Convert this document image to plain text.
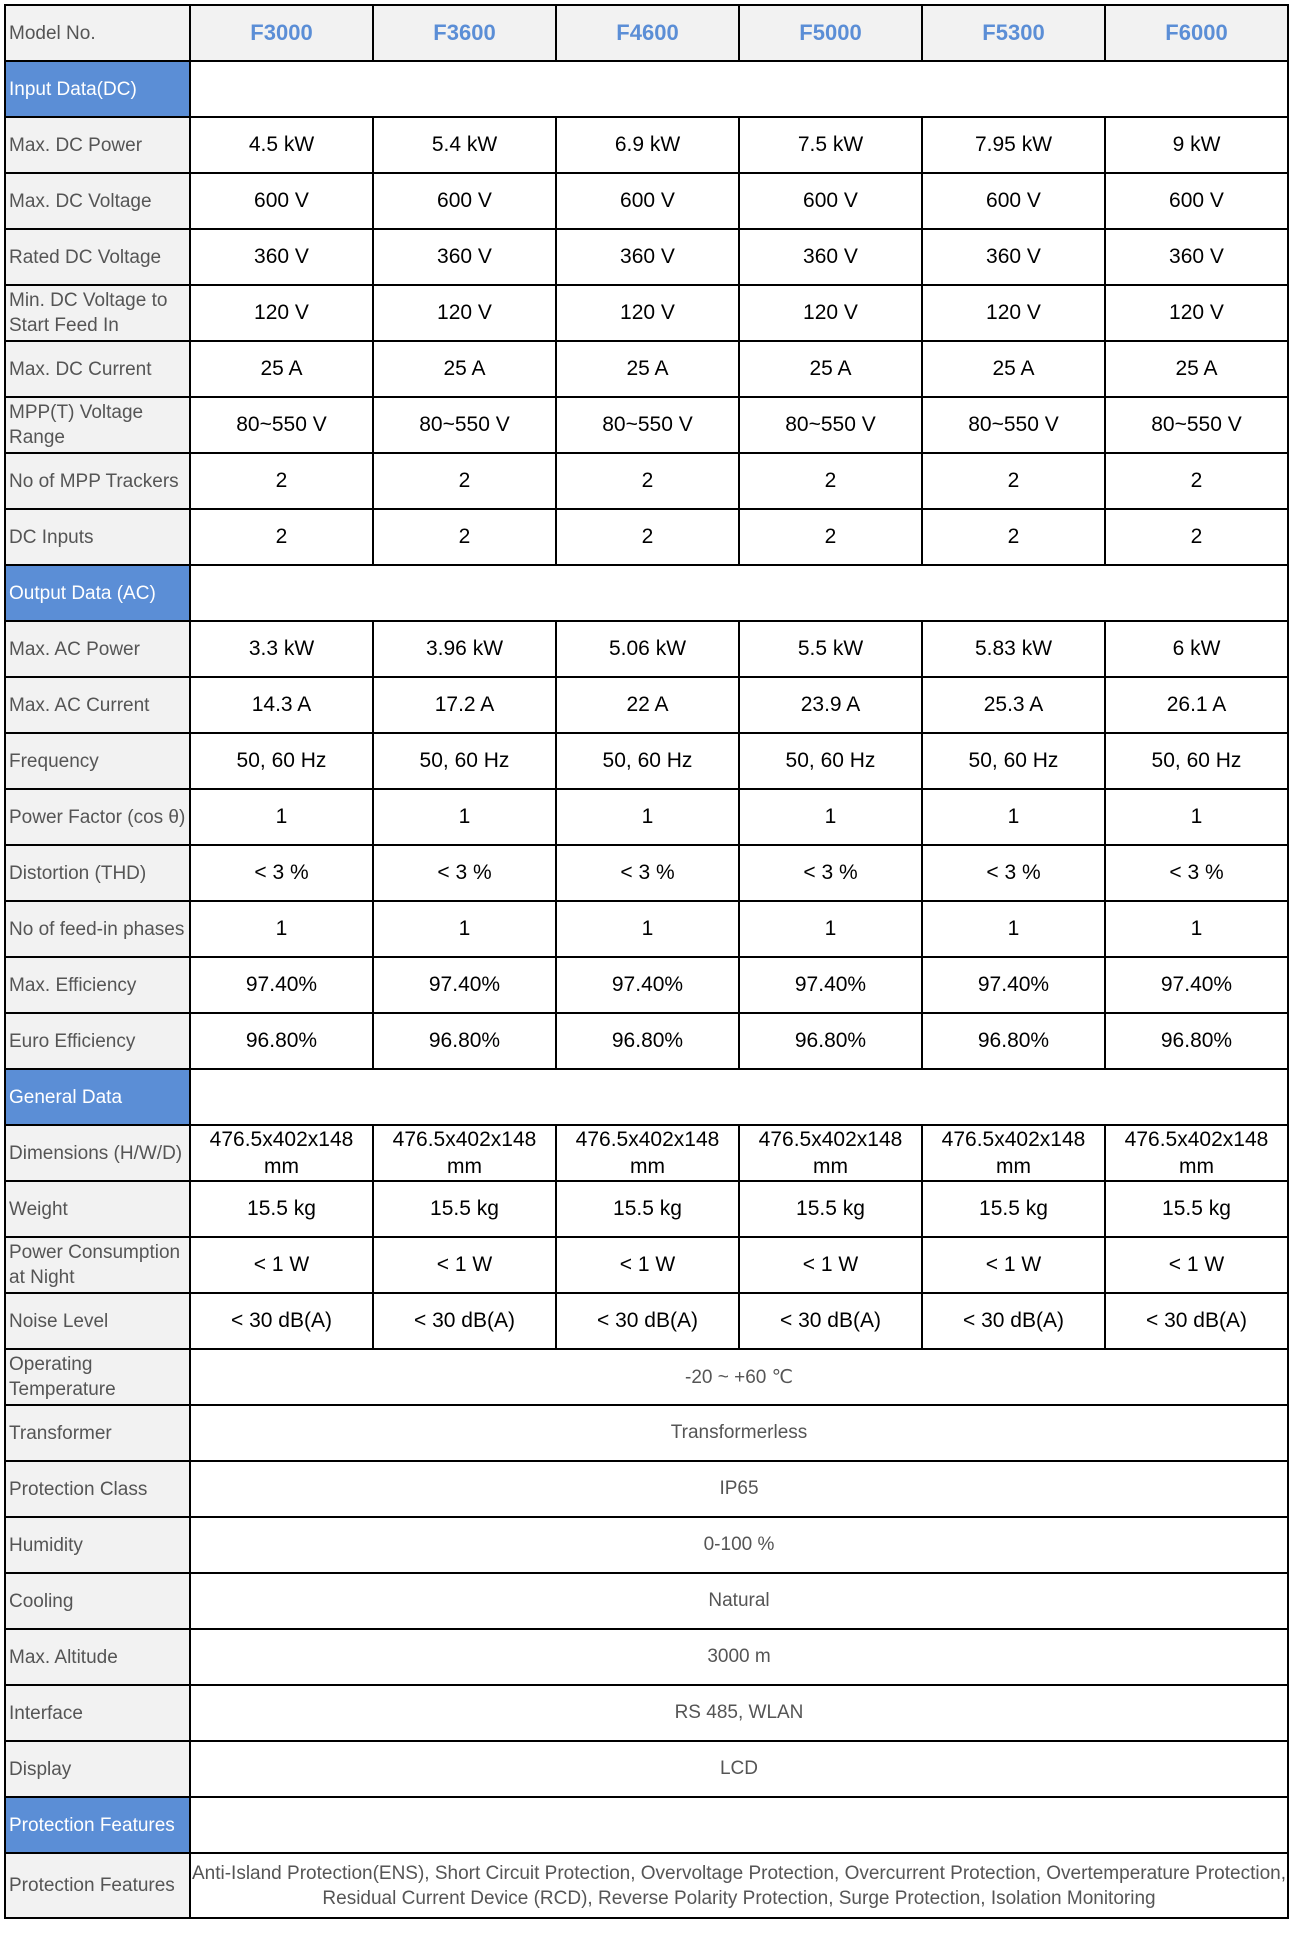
Model No.	F3000	F3600	F4600	F5000	F5300	F6000
Input Data(DC)						
Max. DC Power	4.5 kW	5.4 kW	6.9 kW	7.5 kW	7.95 kW	9 kW
Max. DC Voltage	600 V	600 V	600 V	600 V	600 V	600 V
Rated DC Voltage	360 V	360 V	360 V	360 V	360 V	360 V
Min. DC Voltage to Start Feed In	120 V	120 V	120 V	120 V	120 V	120 V
Max. DC Current	25 A	25 A	25 A	25 A	25 A	25 A
MPP(T) Voltage Range	80~550 V	80~550 V	80~550 V	80~550 V	80~550 V	80~550 V
No of MPP Trackers	2	2	2	2	2	2
DC Inputs	2	2	2	2	2	2
Output Data (AC)						
Max. AC Power	3.3 kW	3.96 kW	5.06 kW	5.5 kW	5.83 kW	6 kW
Max. AC Current	14.3 A	17.2 A	22 A	23.9 A	25.3 A	26.1 A
Frequency	50, 60 Hz	50, 60 Hz	50, 60 Hz	50, 60 Hz	50, 60 Hz	50, 60 Hz
Power Factor (cos θ)	1	1	1	1	1	1
Distortion (THD)	< 3 %	< 3 %	< 3 %	< 3 %	< 3 %	< 3 %
No of feed-in phases	1	1	1	1	1	1
Max. Efficiency	97.40%	97.40%	97.40%	97.40%	97.40%	97.40%
Euro Efficiency	96.80%	96.80%	96.80%	96.80%	96.80%	96.80%
General Data						
Dimensions (H/W/D)	476.5x402x148 mm	476.5x402x148 mm	476.5x402x148 mm	476.5x402x148 mm	476.5x402x148 mm	476.5x402x148 mm
Weight	15.5 kg	15.5 kg	15.5 kg	15.5 kg	15.5 kg	15.5 kg
Power Consumption at Night	< 1 W	< 1 W	< 1 W	< 1 W	< 1 W	< 1 W
Noise Level	< 30 dB(A)	< 30 dB(A)	< 30 dB(A)	< 30 dB(A)	< 30 dB(A)	< 30 dB(A)
Operating Temperature	-20 ~ +60 ℃					
Transformer	Transformerless					
Protection Class	IP65					
Humidity	0-100 %					
Cooling	Natural					
Max. Altitude	3000 m					
Interface	RS 485, WLAN					
Display	LCD					
Protection Features						
Protection Features	Anti-Island Protection(ENS), Short Circuit Protection, Overvoltage Protection, Overcurrent Protection, Overtemperature Protection, Residual Current Device (RCD), Reverse Polarity Protection, Surge Protection, Isolation Monitoring					
